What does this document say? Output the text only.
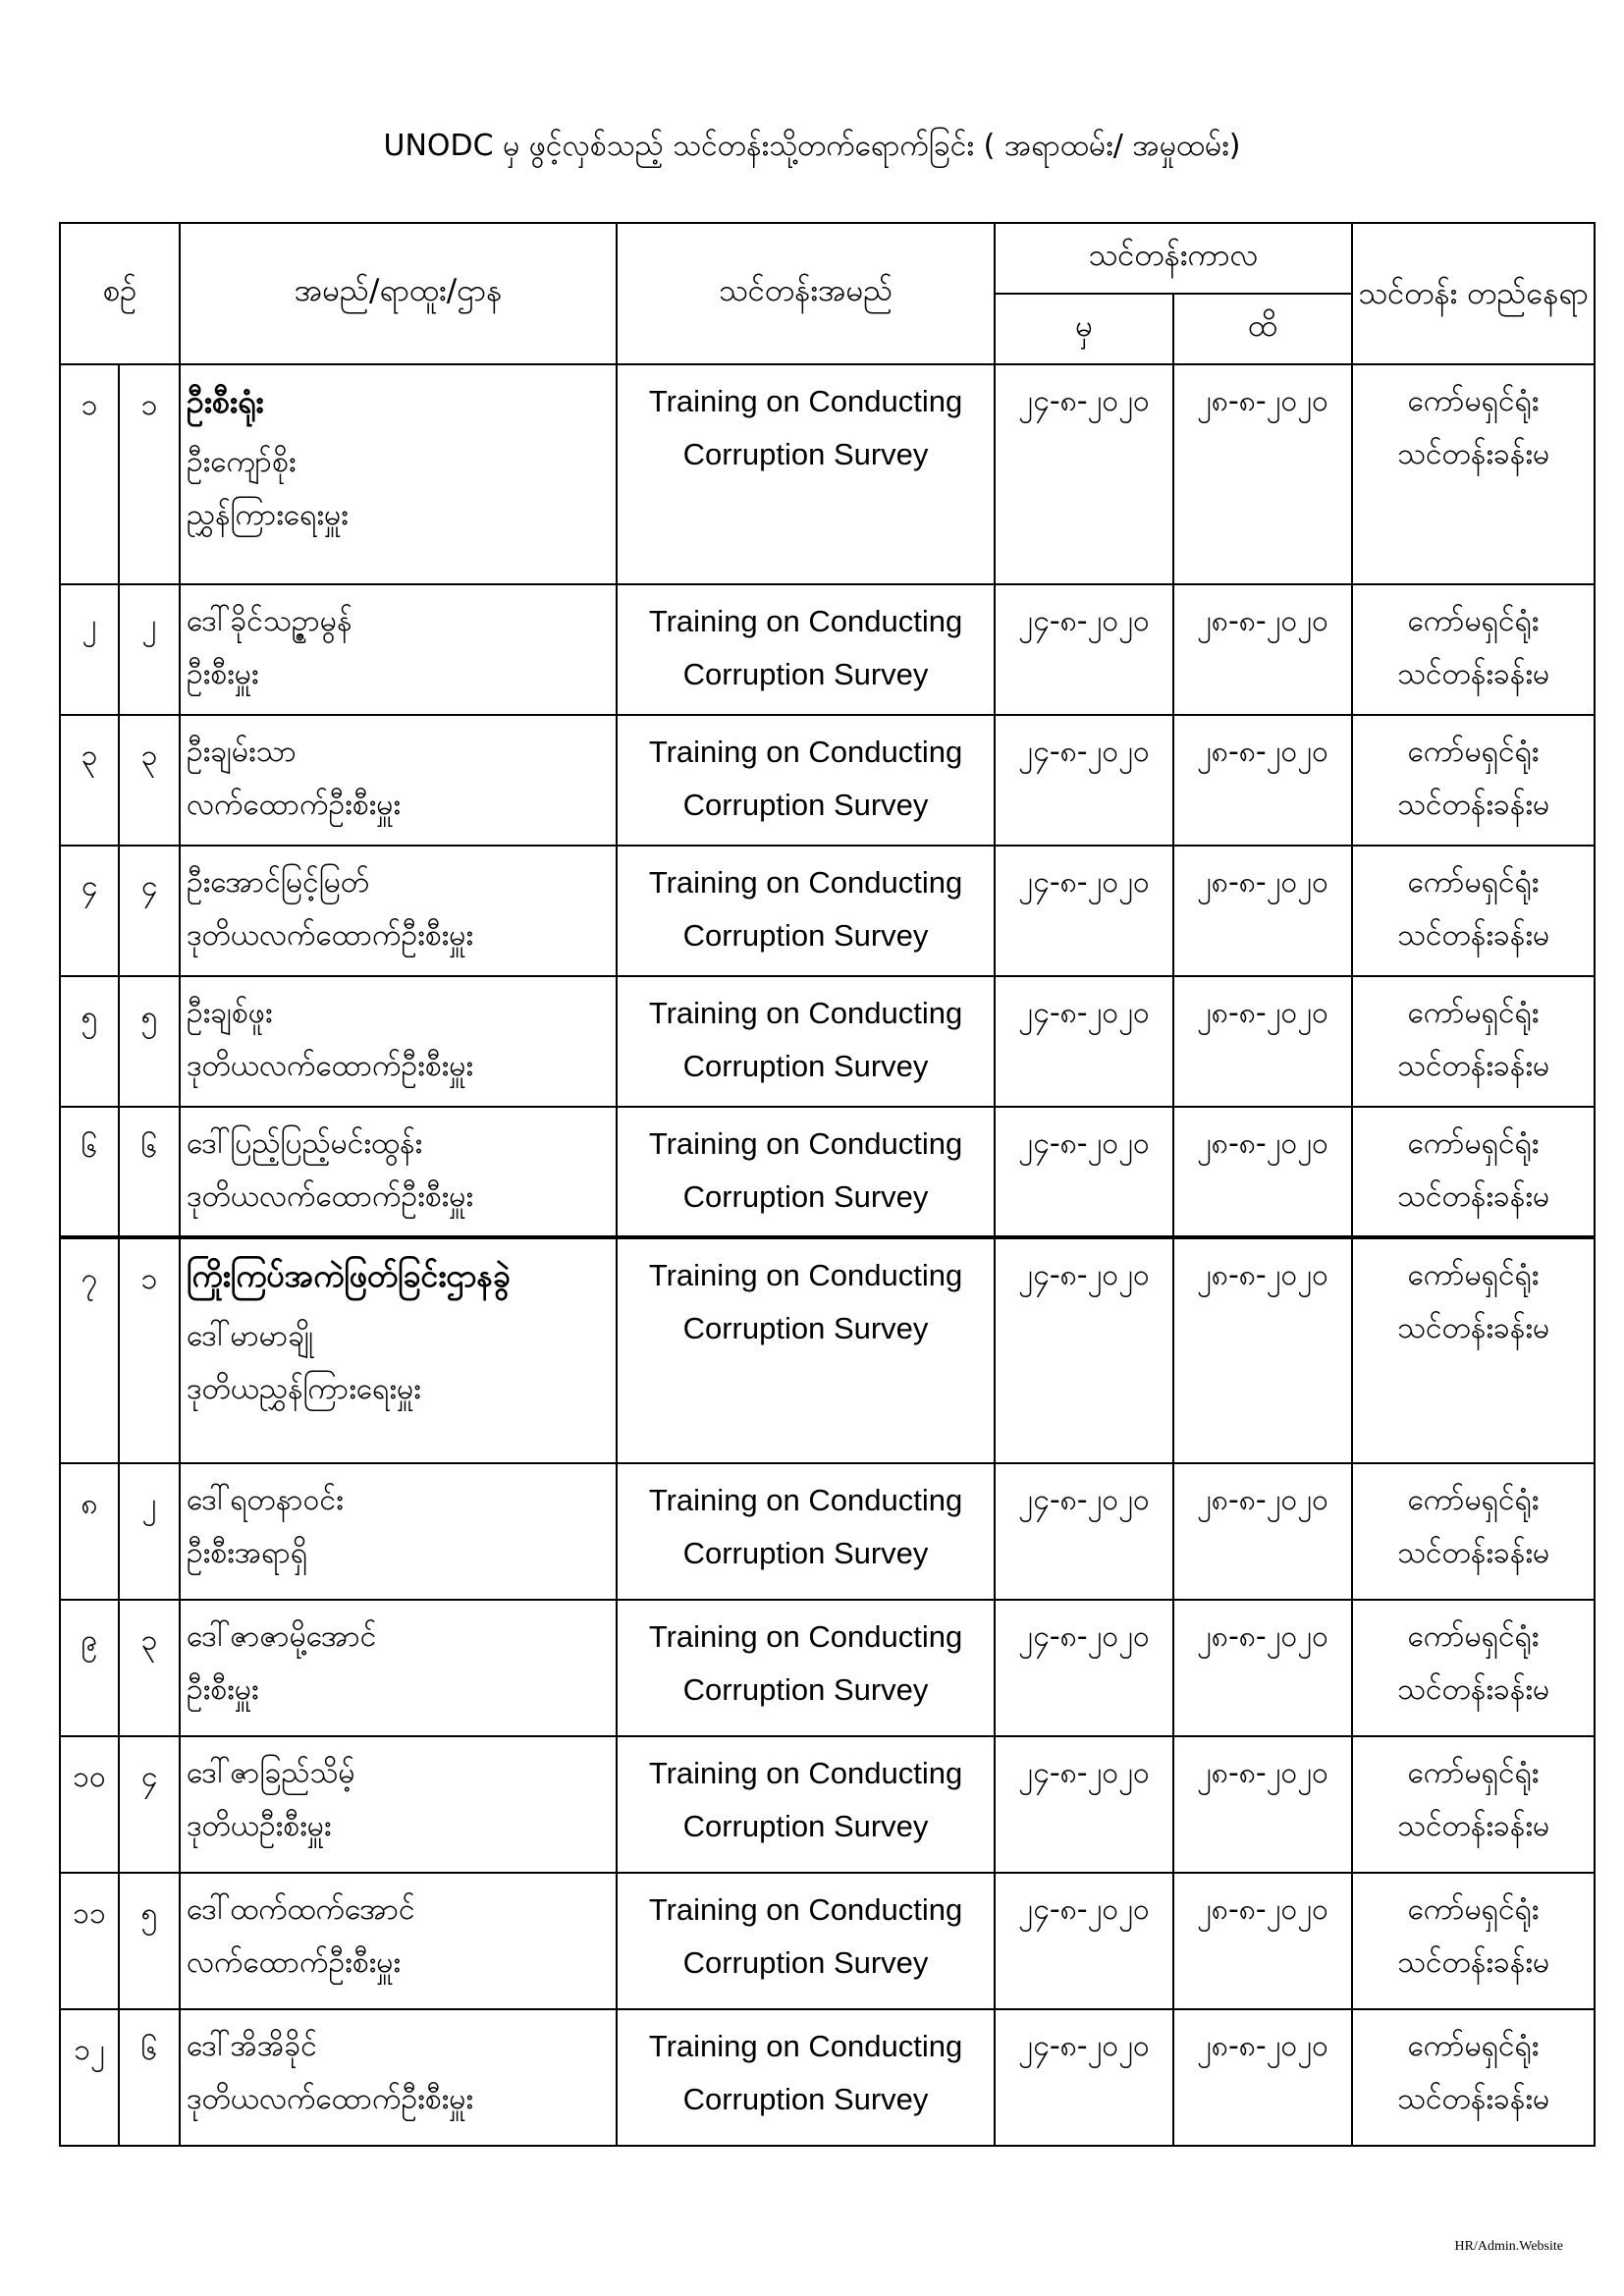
UNODC မှ ဖွင့်လှစ်သည့် သင်တန်းသို့တက်ရောက်ခြင်း ( အရာထမ်း/ အမှုထမ်း)
စဉ်		အမည်/ရာထူး/ဌာန	သင်တန်းအမည်	သင်တန်းကာလ		သင်တန်း တည်နေရာ
				မှ	ထိ	
၁	၁	ဦးစီးရုံး
ဦးကျော်စိုး
ညွှန်ကြားရေးမှူး	Training on Conducting
Corruption Survey	၂၄-၈-၂၀၂၀	၂၈-၈-၂၀၂၀	ကော်မရှင်ရုံး
သင်တန်းခန်းမ

၂	၂	ဒေါ်ခိုင်သဉ္ဇာမွန်
ဦးစီးမှူး	Training on Conducting
Corruption Survey	၂၄-၈-၂၀၂၀	၂၈-၈-၂၀၂၀	ကော်မရှင်ရုံး
သင်တန်းခန်းမ

၃	၃	ဦးချမ်းသာ
လက်ထောက်ဦးစီးမှူး	Training on Conducting
Corruption Survey	၂၄-၈-၂၀၂၀	၂၈-၈-၂၀၂၀	ကော်မရှင်ရုံး
သင်တန်းခန်းမ

၄	၄	ဦးအောင်မြင့်မြတ်
ဒုတိယလက်ထောက်ဦးစီးမှူး	Training on Conducting
Corruption Survey	၂၄-၈-၂၀၂၀	၂၈-၈-၂၀၂၀	ကော်မရှင်ရုံး
သင်တန်းခန်းမ

၅	၅	ဦးချစ်ဖူး
ဒုတိယလက်ထောက်ဦးစီးမှူး	Training on Conducting
Corruption Survey	၂၄-၈-၂၀၂၀	၂၈-၈-၂၀၂၀	ကော်မရှင်ရုံး
သင်တန်းခန်းမ

၆	၆	ဒေါ်ပြည့်ပြည့်မင်းထွန်း
ဒုတိယလက်ထောက်ဦးစီးမှူး	Training on Conducting
Corruption Survey	၂၄-၈-၂၀၂၀	၂၈-၈-၂၀၂၀	ကော်မရှင်ရုံး
သင်တန်းခန်းမ

၇	၁	ကြိုးကြပ်အကဲဖြတ်ခြင်းဌာနခွဲ
ဒေါ်မာမာချို
ဒုတိယညွှန်ကြားရေးမှူး	Training on Conducting
Corruption Survey	၂၄-၈-၂၀၂၀	၂၈-၈-၂၀၂၀	ကော်မရှင်ရုံး
သင်တန်းခန်းမ

၈	၂	ဒေါ်ရတနာဝင်း
ဦးစီးအရာရှိ	Training on Conducting
Corruption Survey	၂၄-၈-၂၀၂၀	၂၈-၈-၂၀၂၀	ကော်မရှင်ရုံး
သင်တန်းခန်းမ

၉	၃	ဒေါ်ဇာဇာမို့အောင်
ဦးစီးမှူး	Training on Conducting
Corruption Survey	၂၄-၈-၂၀၂၀	၂၈-၈-၂၀၂၀	ကော်မရှင်ရုံး
သင်တန်းခန်းမ

၁၀	၄	ဒေါ်ဇာခြည်သိမ့်
ဒုတိယဦးစီးမှူး	Training on Conducting
Corruption Survey	၂၄-၈-၂၀၂၀	၂၈-၈-၂၀၂၀	ကော်မရှင်ရုံး
သင်တန်းခန်းမ

၁၁	၅	ဒေါ်ထက်ထက်အောင်
လက်ထောက်ဦးစီးမှူး	Training on Conducting
Corruption Survey	၂၄-၈-၂၀၂၀	၂၈-၈-၂၀၂၀	ကော်မရှင်ရုံး
သင်တန်းခန်းမ

၁၂	၆	ဒေါ်အိအိခိုင်
ဒုတိယလက်ထောက်ဦးစီးမှူး	Training on Conducting
Corruption Survey	၂၄-၈-၂၀၂၀	၂၈-၈-၂၀၂၀	ကော်မရှင်ရုံး
သင်တန်းခန်းမ
HR/Admin.Website
